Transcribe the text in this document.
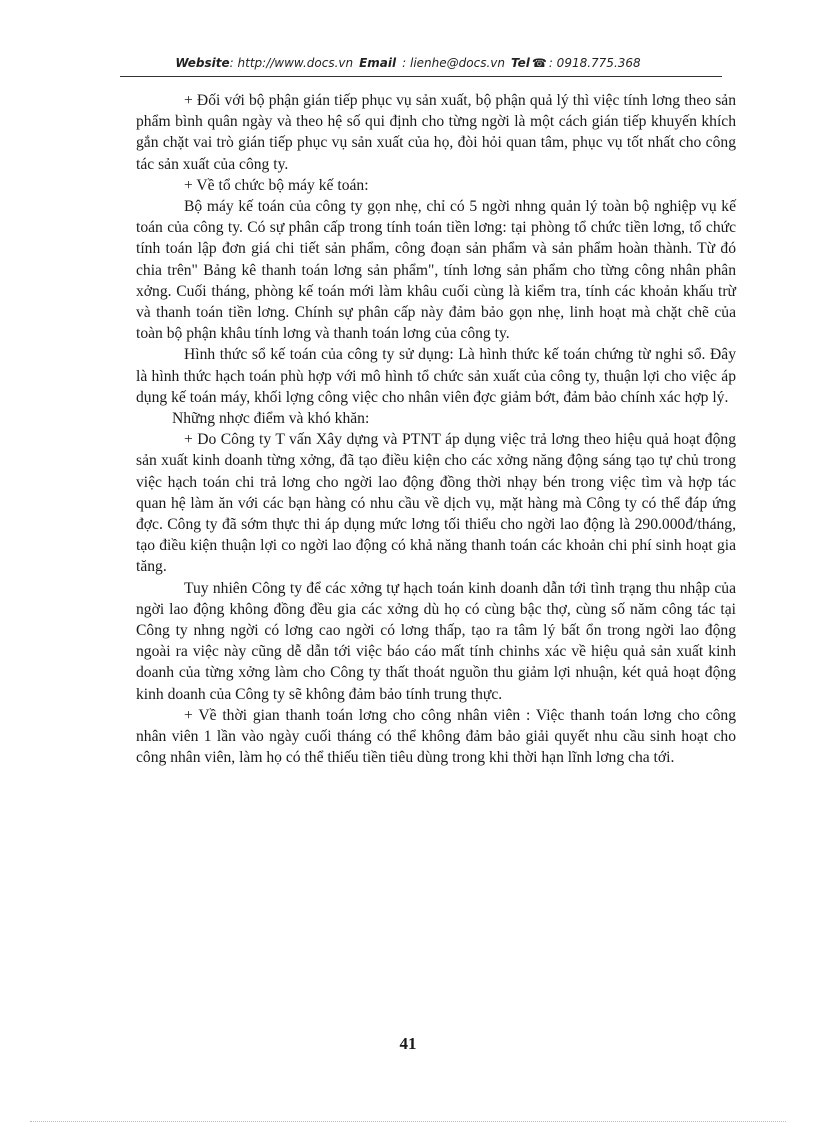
Website: http://www.docs.vn Email : lienhe@docs.vn Tel ☎ : 0918.775.368

+ Đối với bộ phận gián tiếp phục vụ sản xuất, bộ phận quả lý thì việc tính lơng theo sản phẩm bình quân ngày và theo hệ số qui định cho từng ngời là một cách gián tiếp khuyến khích gắn chặt vai trò gián tiếp phục vụ sản xuất của họ, đòi hỏi quan tâm, phục vụ tốt nhất cho công tác sản xuất của công ty.

+ Về tổ chức bộ máy kế toán:

Bộ máy kế toán của công ty gọn nhẹ, chỉ có 5 ngời nhng quản lý toàn bộ nghiệp vụ kế toán của công ty. Có sự phân cấp trong tính toán tiền lơng: tại phòng tổ chức tiền lơng, tổ chức tính toán lập đơn giá chi tiết sản phẩm, công đoạn sản phẩm và sản phẩm hoàn thành. Từ đó chia trên" Bảng kê thanh toán lơng sản phẩm", tính lơng sản phẩm cho từng công nhân phân xởng. Cuối tháng, phòng kế toán mới làm khâu cuối cùng là kiểm tra, tính các khoản khấu trừ và thanh toán tiền lơng. Chính sự phân cấp này đảm bảo gọn nhẹ, linh hoạt mà chặt chẽ của toàn bộ phận khâu tính lơng và thanh toán lơng của công ty.

Hình thức sổ kế toán của công ty sử dụng: Là hình thức kế toán chứng từ nghi sổ. Đây là hình thức hạch toán phù hợp với mô hình tổ chức sản xuất của công ty, thuận lợi cho việc áp dụng kế toán máy, khối lợng công việc cho nhân viên đợc giảm bớt, đảm bảo chính xác hợp lý.

Những nhợc điểm và khó khăn:

+ Do Công ty T vấn Xây dựng và PTNT áp dụng việc trả lơng theo hiệu quả hoạt động sản xuất kinh doanh từng xởng, đã tạo điều kiện cho các xởng năng động sáng tạo tự chủ trong việc hạch toán chi trả lơng cho ngời lao động đồng thời nhạy bén trong việc tìm và hợp tác quan hệ làm ăn với các bạn hàng có nhu cầu về dịch vụ, mặt hàng mà Công ty có thể đáp ứng đợc. Công ty đã sớm thực thi áp dụng mức lơng tối thiểu cho ngời lao động là 290.000đ/tháng, tạo điều kiện thuận lợi co ngời lao động có khả năng thanh toán các khoản chi phí sinh hoạt gia tăng.

Tuy nhiên Công ty để các xởng tự hạch toán kinh doanh dẫn tới tình trạng thu nhập của ngời lao động không đồng đều gia các xởng dù họ có cùng bậc thợ, cùng số năm công tác tại Công ty nhng ngời có lơng cao ngời có lơng thấp, tạo ra tâm lý bất ổn trong ngời lao động ngoài ra việc này cũng dễ dẫn tới việc báo cáo mất tính chinhs xác về hiệu quả sản xuất kinh doanh của từng xởng làm cho Công ty thất thoát nguồn thu giảm lợi nhuận, két quả hoạt động kinh doanh của Công ty sẽ không đảm bảo tính trung thực.

+ Về thời gian thanh toán lơng cho công nhân viên : Việc thanh toán lơng cho công nhân viên 1 lần vào ngày cuối tháng có thể không đảm bảo giải quyết nhu cầu sinh hoạt cho công nhân viên, làm họ có thể thiếu tiền tiêu dùng trong khi thời hạn lĩnh lơng cha tới.

41
